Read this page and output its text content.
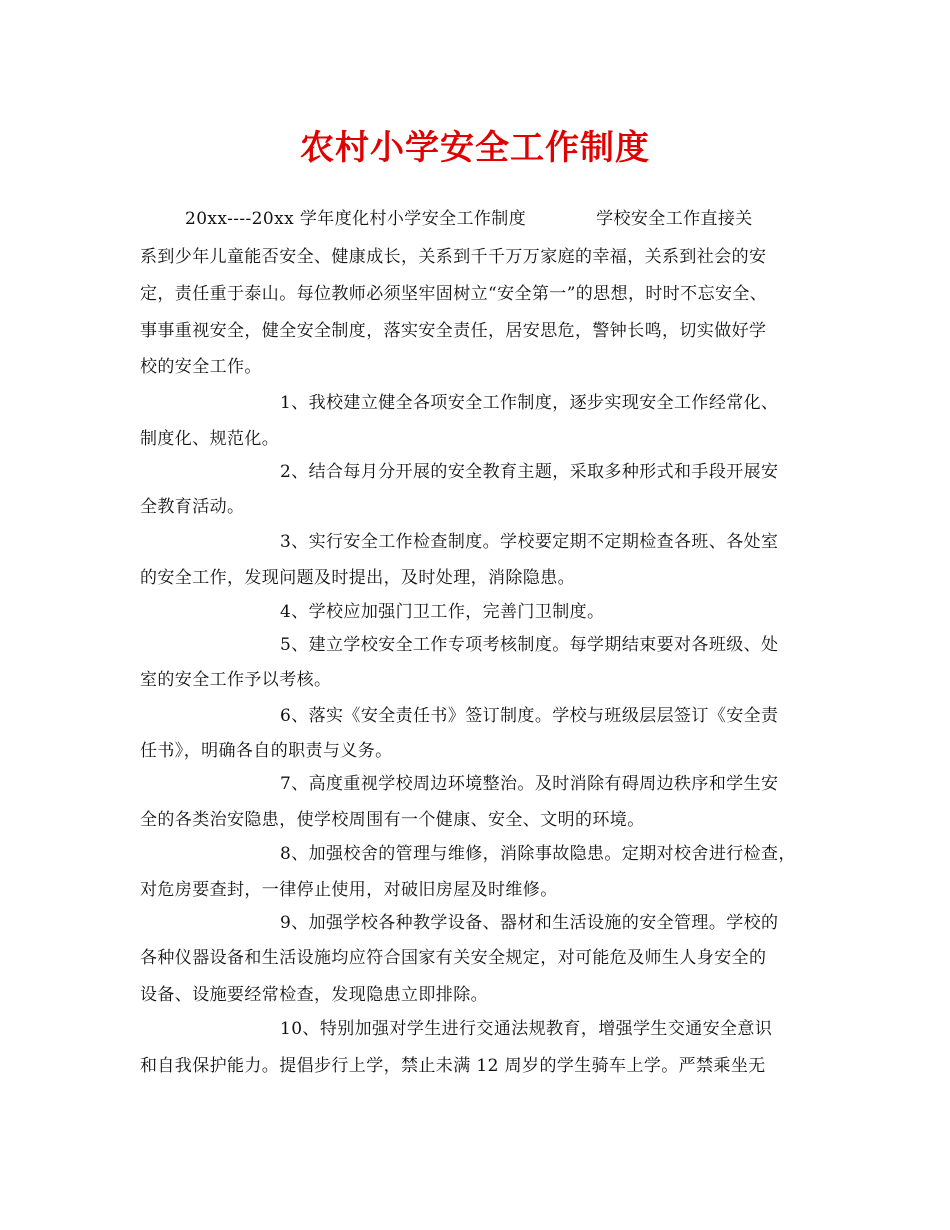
农村小学安全工作制度
20xx----20xx 学年度化村小学安全工作制度	学校安全工作直接关
系到少年儿童能否安全、健康成长，关系到千千万万家庭的幸福，关系到社会的安
定，责任重于泰山。每位教师必须坚牢固树立“安全第一”的思想，时时不忘安全、
事事重视安全，健全安全制度，落实安全责任，居安思危，警钟长鸣，切实做好学
校的安全工作。
1、我校建立健全各项安全工作制度，逐步实现安全工作经常化、
制度化、规范化。
2、结合每月分开展的安全教育主题，采取多种形式和手段开展安
全教育活动。
3、实行安全工作检查制度。学校要定期不定期检查各班、各处室
的安全工作，发现问题及时提出，及时处理，消除隐患。
4、学校应加强门卫工作，完善门卫制度。
5、建立学校安全工作专项考核制度。每学期结束要对各班级、处
室的安全工作予以考核。
6、落实《安全责任书》签订制度。学校与班级层层签订《安全责
任书》，明确各自的职责与义务。
7、高度重视学校周边环境整治。及时消除有碍周边秩序和学生安
全的各类治安隐患，使学校周围有一个健康、安全、文明的环境。
8、加强校舍的管理与维修，消除事故隐患。定期对校舍进行检查，
对危房要查封，一律停止使用，对破旧房屋及时维修。
9、加强学校各种教学设备、器材和生活设施的安全管理。学校的
各种仪器设备和生活设施均应符合国家有关安全规定，对可能危及师生人身安全的
设备、设施要经常检查，发现隐患立即排除。
10、特别加强对学生进行交通法规教育，增强学生交通安全意识
和自我保护能力。提倡步行上学，禁止未满 12 周岁的学生骑车上学。严禁乘坐无
